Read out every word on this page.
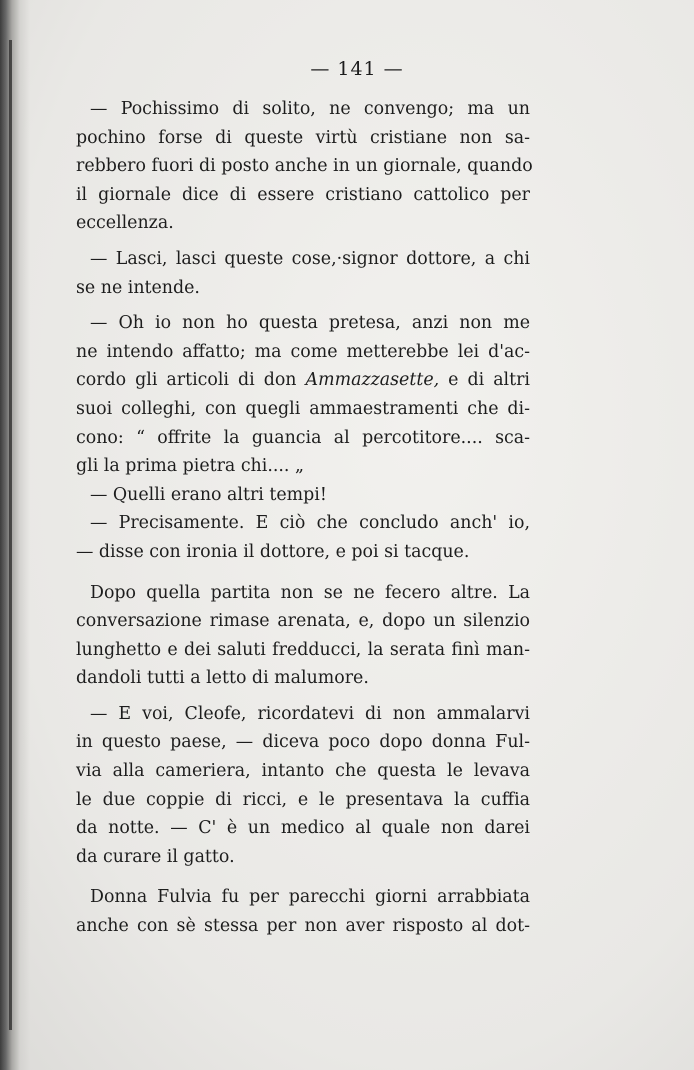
— 141 —
— Pochissimo di solito, ne convengo; ma un
pochino forse di queste virtù cristiane non sa-
rebbero fuori di posto anche in un giornale, quando
il giornale dice di essere cristiano cattolico per
eccellenza.
— Lasci, lasci queste cose,·signor dottore, a chi
se ne intende.
— Oh io non ho questa pretesa, anzi non me
ne intendo affatto; ma come metterebbe lei d'ac-
cordo gli articoli di don Ammazzasette, e di altri
suoi colleghi, con quegli ammaestramenti che di-
cono: “ offrite la guancia al percotitore.... sca-
gli la prima pietra chi.... „
— Quelli erano altri tempi!
— Precisamente. E ciò che concludo anch' io,
— disse con ironia il dottore, e poi si tacque.
Dopo quella partita non se ne fecero altre. La
conversazione rimase arenata, e, dopo un silenzio
lunghetto e dei saluti fredducci, la serata finì man-
dandoli tutti a letto di malumore.
— E voi, Cleofe, ricordatevi di non ammalarvi
in questo paese, — diceva poco dopo donna Ful-
via alla cameriera, intanto che questa le levava
le due coppie di ricci, e le presentava la cuffia
da notte. — C' è un medico al quale non darei
da curare il gatto.
Donna Fulvia fu per parecchi giorni arrabbiata
anche con sè stessa per non aver risposto al dot-
